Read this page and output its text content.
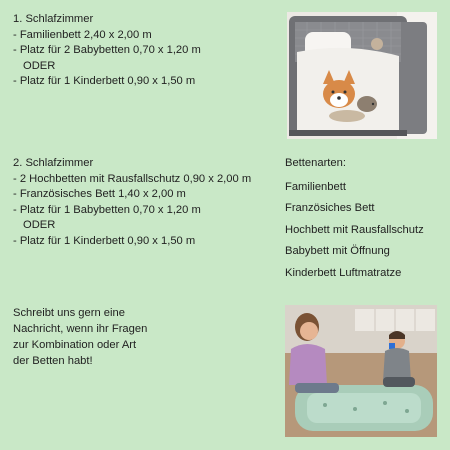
1. Schlafzimmer
- Familienbett 2,40 x 2,00 m
- Platz für 2 Babybetten 0,70 x 1,20 m
ODER
- Platz für 1 Kinderbett 0,90 x 1,50 m
2. Schlafzimmer
- 2 Hochbetten mit Rausfallschutz 0,90 x 2,00 m
- Französisches Bett 1,40 x 2,00 m
- Platz für 1 Babybetten 0,70 x 1,20 m
ODER
- Platz für 1 Kinderbett 0,90 x 1,50 m
Schreibt uns gern eine
Nachricht, wenn ihr Fragen
zur Kombination oder Art
der Betten habt!
Bettenarten:
Familienbett
Französiches Bett
Hochbett mit Rausfallschutz
Babybett mit Öffnung
Kinderbett Luftmatratze
